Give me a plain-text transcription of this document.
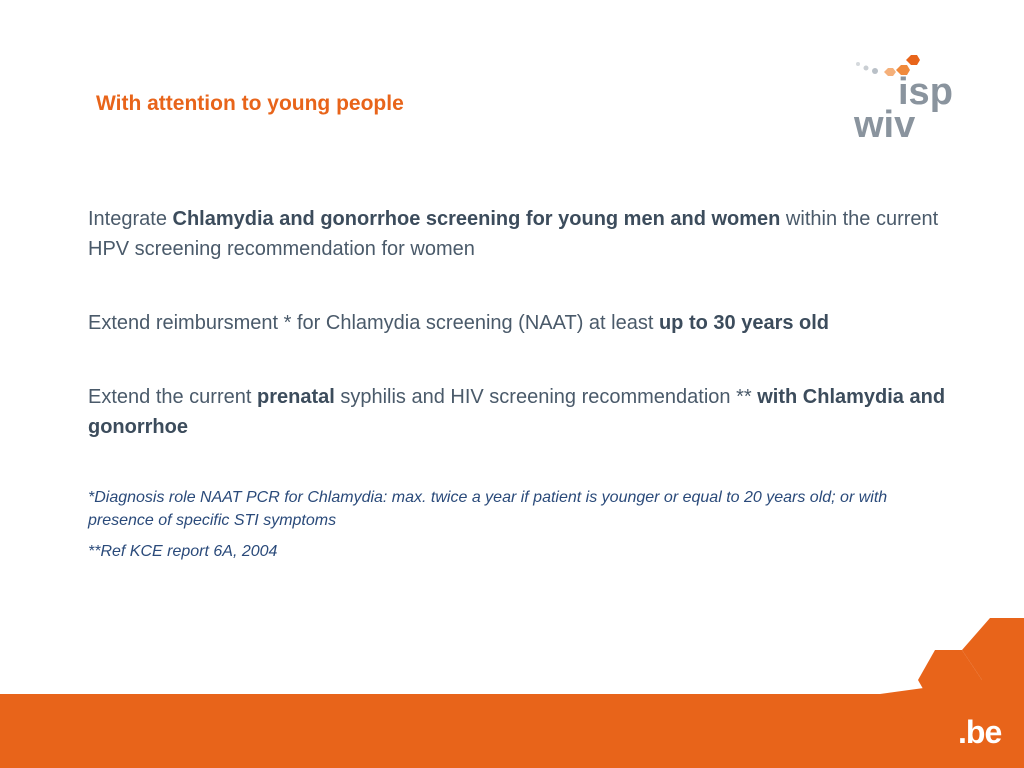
With attention to young people	isp
wiv

Integrate Chlamydia and gonorrhoe screening for young men and women within the current HPV screening recommendation for women

Extend reimbursment * for Chlamydia screening (NAAT) at least up to 30 years old

Extend the current prenatal syphilis and HIV screening recommendation ** with Chlamydia and gonorrhoe

*Diagnosis role NAAT PCR for Chlamydia: max. twice a year if patient is younger or equal to 20 years old; or with presence of specific STI symptoms

**Ref KCE report 6A, 2004

.be
